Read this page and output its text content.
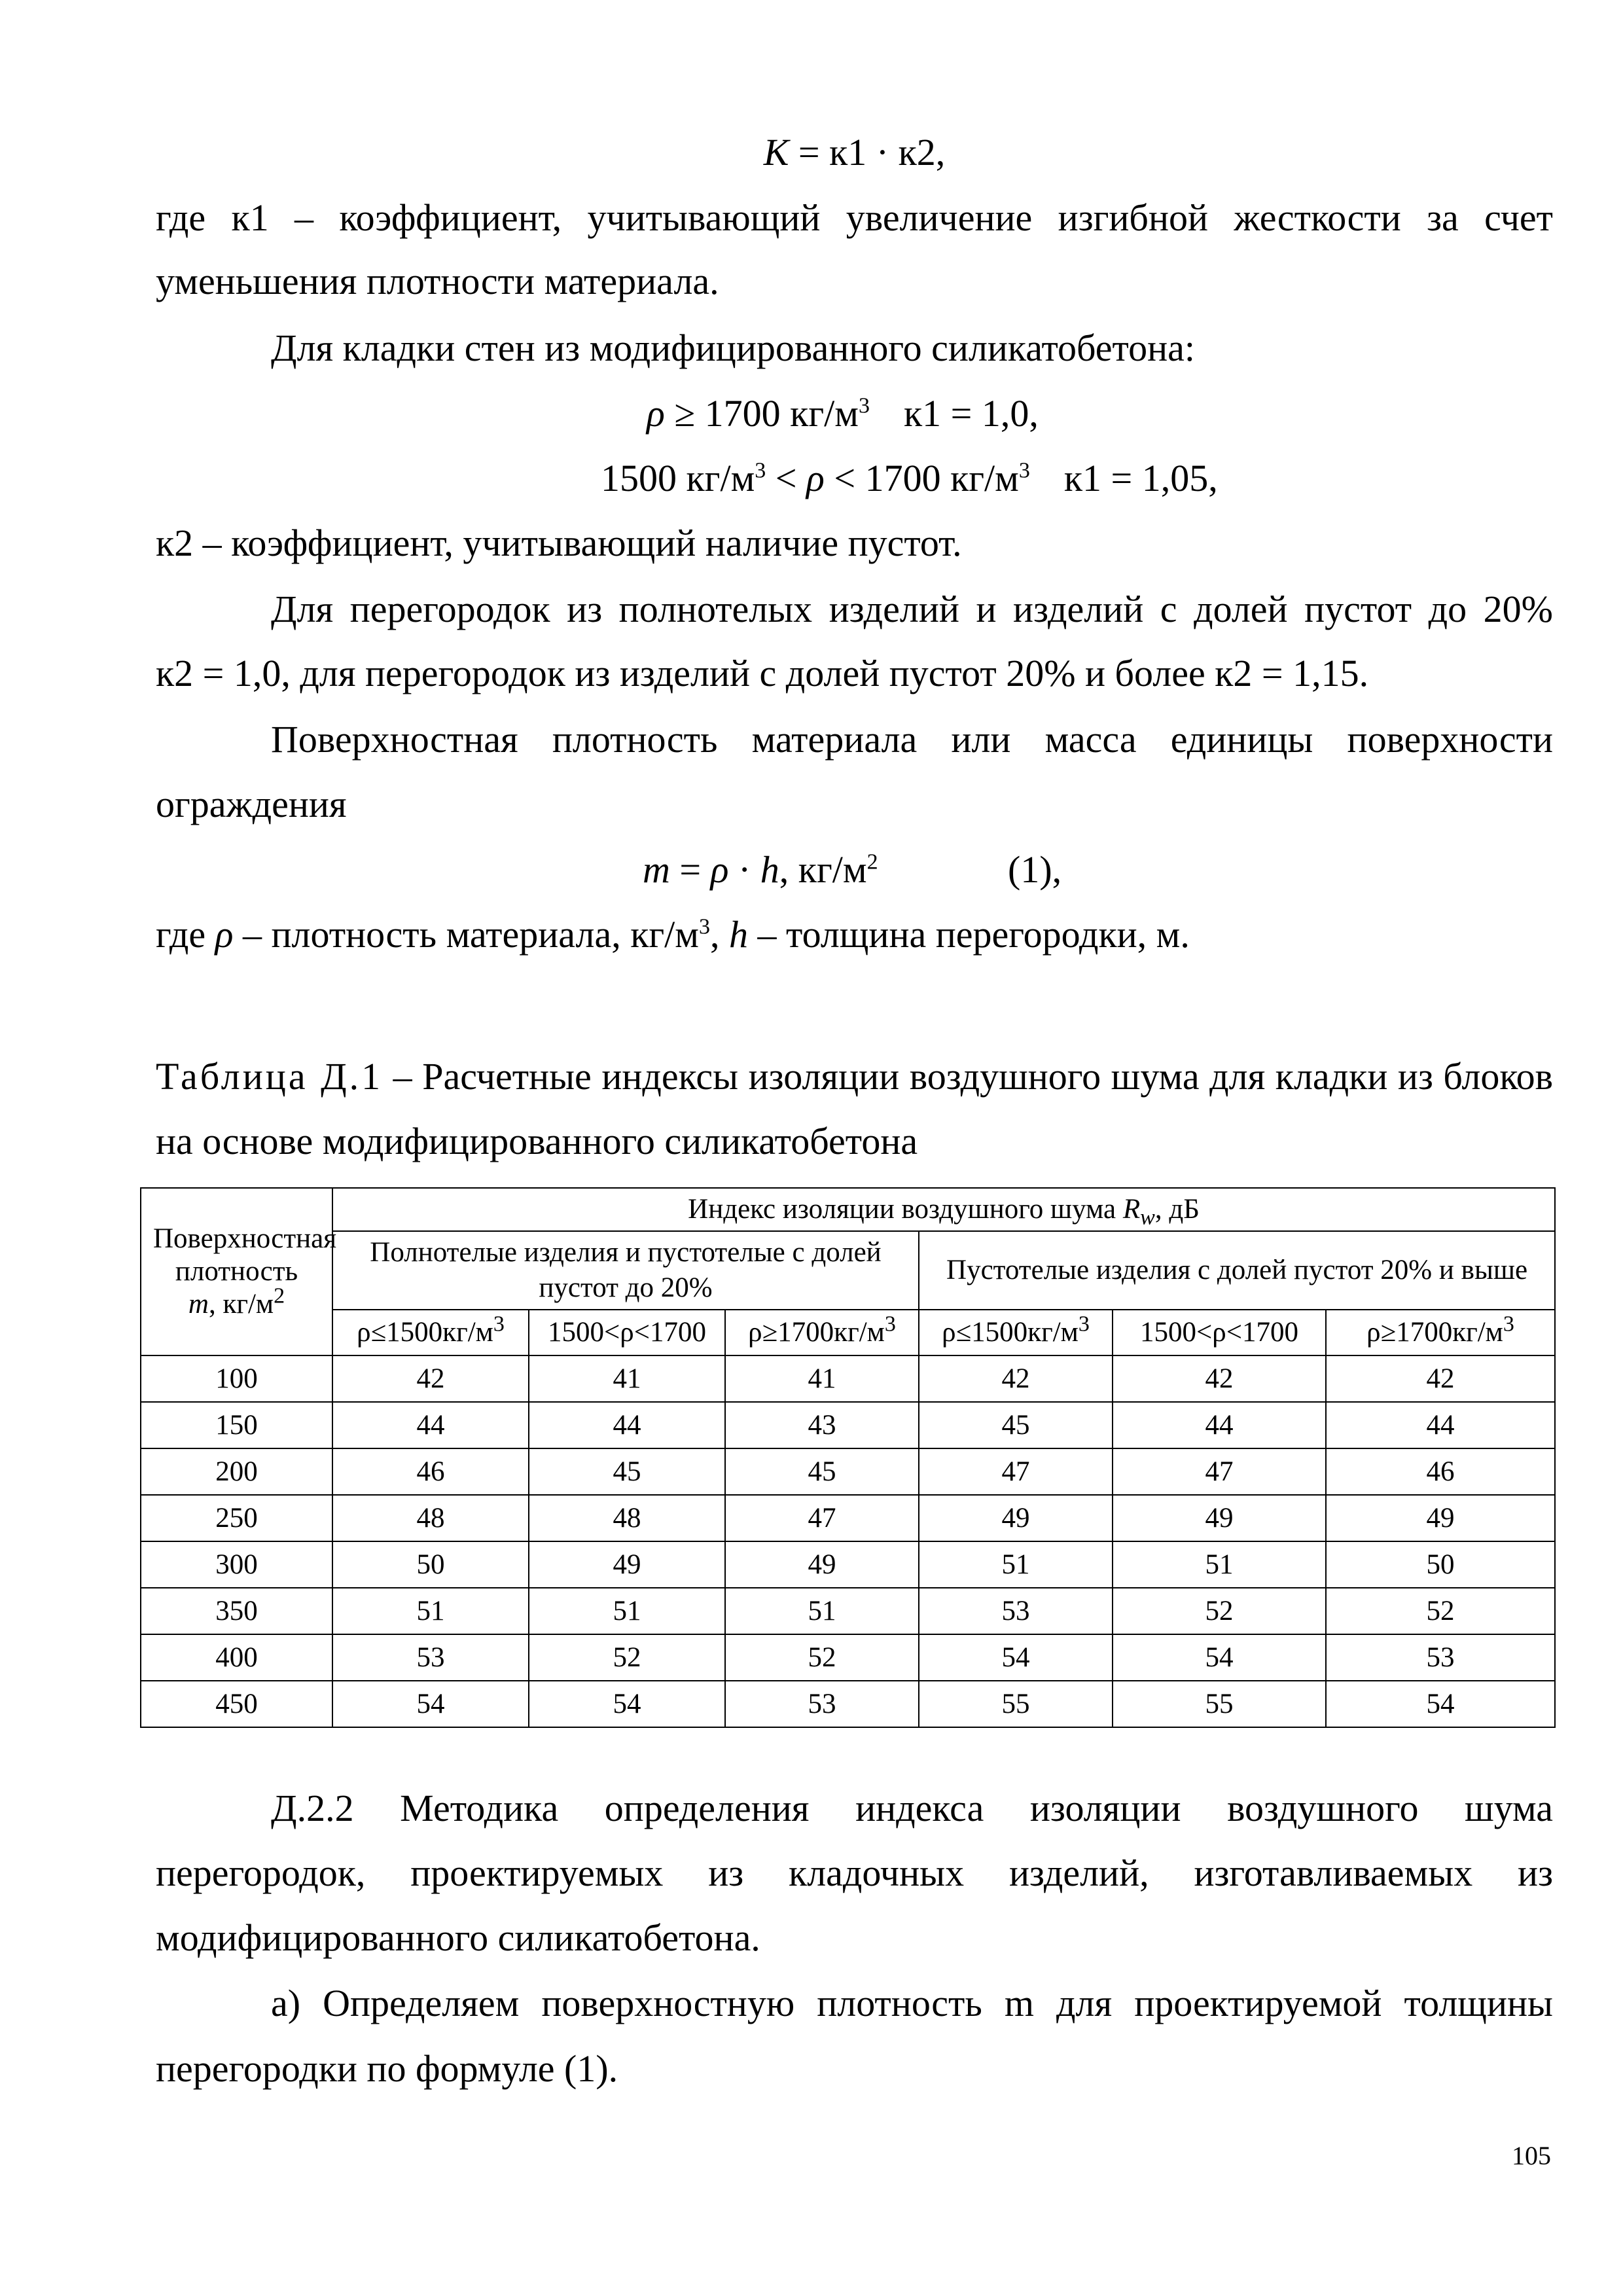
K = к1 · к2,
где к1 – коэффициент, учитывающий увеличение изгибной жесткости за счет
уменьшения плотности материала.
Для кладки стен из модифицированного силикатобетона:
ρ ≥ 1700 $кг/м^3$ к1 = 1,0,
1500 $кг/м^3 < \rho < 1700$ $кг/м^3$ к1 = 1,05,
к2 – коэффициент, учитывающий наличие пустот.
Для перегородок из полнотелых изделий и изделий с долей пустот до 20%
к2 = 1,0, для перегородок из изделий с долей пустот 20% и более к2 = 1,15.
Поверхностная плотность материала или масса единицы поверхности
ограждения
m = ρ · h, $кг/м^2$	(1),
где ρ – плотность материала, $кг/м^3$, h – толщина перегородки, м.
Таблица Д.1 – Расчетные индексы изоляции воздушного шума для кладки из блоков
на основе модифицированного силикатобетона
Поверхностная плотность
m, $кг/м^2$	Индекс изоляции воздушного шума $R_w$, дБ					
	Полнотелые изделия и пустотелые с долей пустот до 20%			Пустотелые изделия с долей пустот 20% и выше		
	$\rho\le 1500кг/м^3$	1500<ρ<1700	$\rho\ge 1700кг/м^3$	$\rho\le 1500кг/м^3$	1500<ρ<1700	$\rho\ge 1700кг/м^3$
100	42	41	41	42	42	42
150	44	44	43	45	44	44
200	46	45	45	47	47	46
250	48	48	47	49	49	49
300	50	49	49	51	51	50
350	51	51	51	53	52	52
400	53	52	52	54	54	53
450	54	54	53	55	55	54
Д.2.2 Методика определения индекса изоляции воздушного шума
перегородок, проектируемых из кладочных изделий, изготавливаемых из
модифицированного силикатобетона.
а) Определяем поверхностную плотность m для проектируемой толщины
перегородки по формуле (1).
105
